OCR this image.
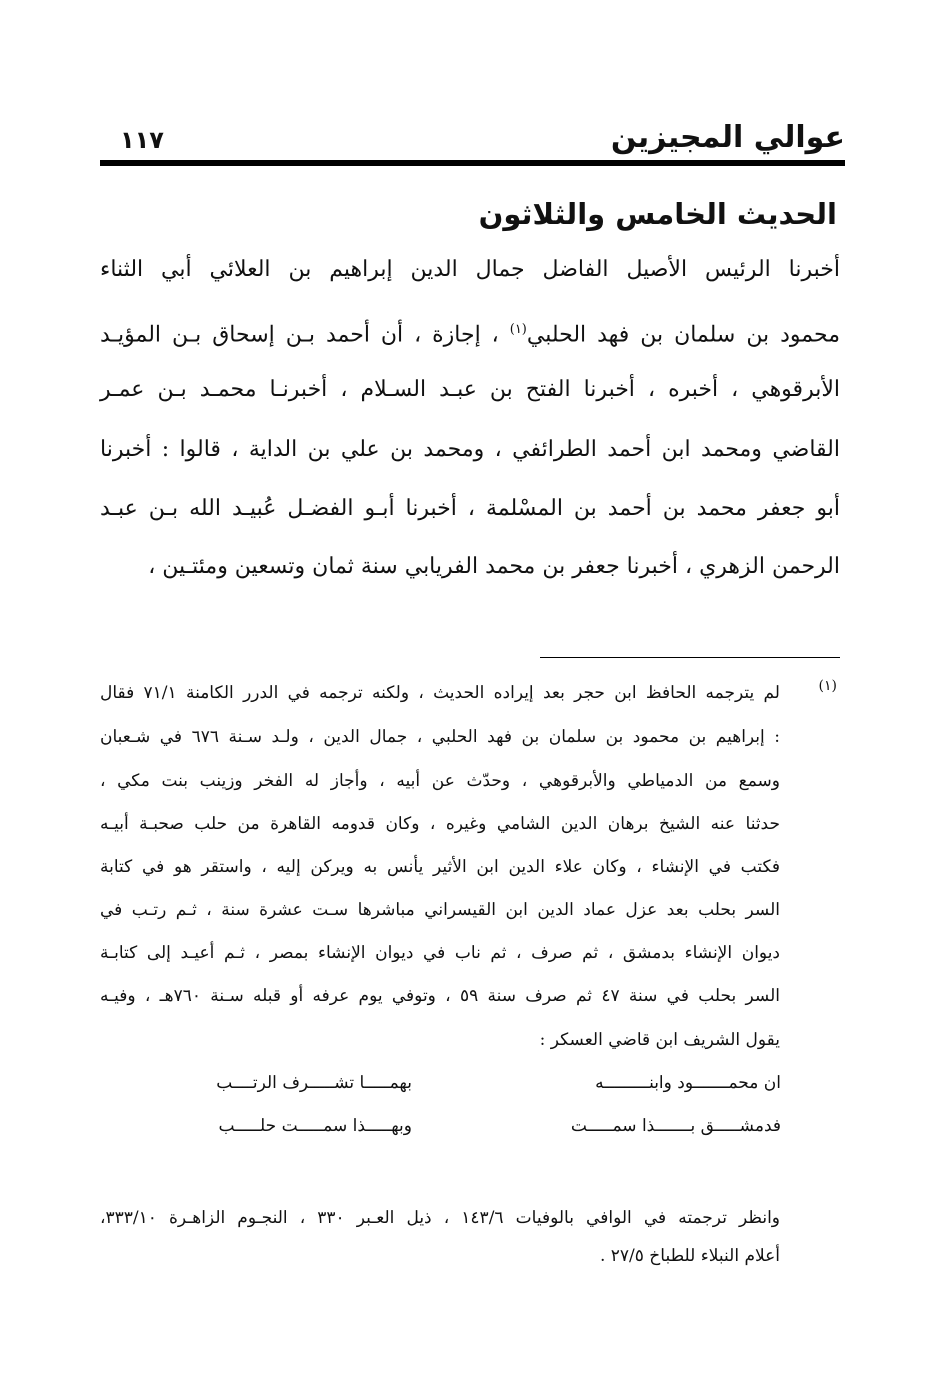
عوالي المجيزين
١١٧
الحديث الخامس والثلاثون
أخبرنا الرئيس الأصيل الفاضل جمال الدين إبراهيم بن العلائي أبي الثناء
محمود بن سلمان بن فهد الحلبي$^{(١)}$ ، إجازة ، أن أحمد بـن إسحاق بـن المؤيـد
الأبرقوهي ، أخبره ، أخبرنا الفتح بن عبـد السـلام ، أخبرنـا محمـد بـن عمـر
القاضي ومحمد ابن أحمد الطرائفي ، ومحمد بن علي بن الداية ، قالوا : أخبرنا
أبو جعفر محمد بن أحمد بن المسْلمة ، أخبرنا أبـو الفضـل عُبيـد الله بـن عبـد
الرحمن الزهري ، أخبرنا جعفر بن محمد الفريابي سنة ثمان وتسعين ومئتـين ،
(١)
لم يترجمه الحافظ ابن حجر بعد إيراده الحديث ، ولكنه ترجمه في الدرر الكامنة ٧١/١ فقال
: إبراهيم بن محمود بن سلمان بن فهد الحلبي ، جمال الدين ، ولـد سـنة ٦٧٦ في شـعبان
وسمع من الدمياطي والأبرقوهي ، وحدّث عن أبيه ، وأجاز له الفخر وزينب بنت مكي ،
حدثنا عنه الشيخ برهان الدين الشامي وغيره ، وكان قدومه القاهرة من حلب صحبـة أبيـه
فكتب في الإنشاء ، وكان علاء الدين ابن الأثير يأنس به ويركن إليه ، واستقر هو في كتابة
السر بحلب بعد عزل عماد الدين ابن القيسراني مباشرها سـت عشرة سنة ، ثـم رتـب في
ديوان الإنشاء بدمشق ، ثم صرف ، ثم ناب في ديوان الإنشاء بمصر ، ثـم أعيـد إلى كتابـة
السر بحلب في سنة ٤٧ ثم صرف سنة ٥٩ ، وتوفي يوم عرفه أو قبله سـنة ٧٦٠هـ ، وفيـه
يقول الشريف ابن قاضي العسكر :
ان محمـــــــود وابنـــــــــه
بهمـــــا تشـــــرف الرتــــب
فدمشـــــق بـــــــذا سمـــــت
وبهـــــذا سمـــــت حلـــــب
وانظر ترجمته في الوافي بالوفيات ١٤٣/٦ ، ذيل العـبر ٣٣٠ ، النجـوم الزاهـرة ٣٣٣/١٠،
أعلام النبلاء للطباخ ٢٧/٥ .
